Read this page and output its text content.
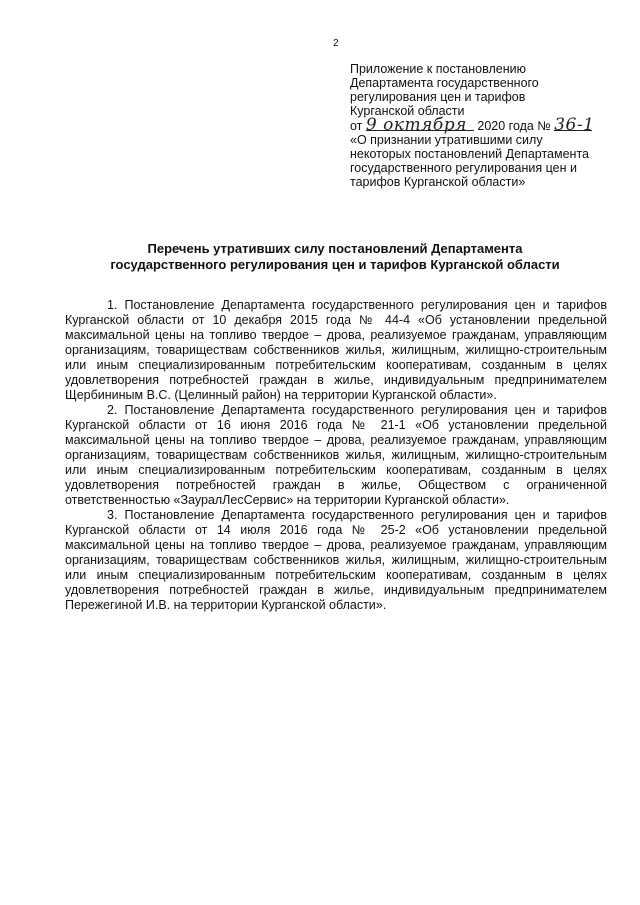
2
Приложение к постановлению
Департамента государственного
регулирования цен и тарифов
Курганской области
от 9 октября 2020 года № 36-1
«О признании утратившими силу
некоторых постановлений Департамента
государственного регулирования цен и
тарифов Курганской области»
Перечень утративших силу постановлений Департамента
государственного регулирования цен и тарифов Курганской области

1. Постановление Департамента государственного регулирования цен и тарифов Курганской области от 10 декабря 2015 года № 44-4 «Об установлении предельной максимальной цены на топливо твердое – дрова, реализуемое гражданам, управляющим организациям, товариществам собственников жилья, жилищным, жилищно-строительным или иным специализированным потребительским кооперативам, созданным в целях удовлетворения потребностей граждан в жилье, индивидуальным предпринимателем Щербининым В.С. (Целинный район) на территории Курганской области».

2. Постановление Департамента государственного регулирования цен и тарифов Курганской области от 16 июня 2016 года № 21-1 «Об установлении предельной максимальной цены на топливо твердое – дрова, реализуемое гражданам, управляющим организациям, товариществам собственников жилья, жилищным, жилищно-строительным или иным специализированным потребительским кооперативам, созданным в целях удовлетворения потребностей граждан в жилье, Обществом с ограниченной ответственностью «ЗауралЛесСервис» на территории Курганской области».

3. Постановление Департамента государственного регулирования цен и тарифов Курганской области от 14 июля 2016 года № 25-2 «Об установлении предельной максимальной цены на топливо твердое – дрова, реализуемое гражданам, управляющим организациям, товариществам собственников жилья, жилищным, жилищно-строительным или иным специализированным потребительским кооперативам, созданным в целях удовлетворения потребностей граждан в жилье, индивидуальным предпринимателем Пережегиной И.В. на территории Курганской области».
